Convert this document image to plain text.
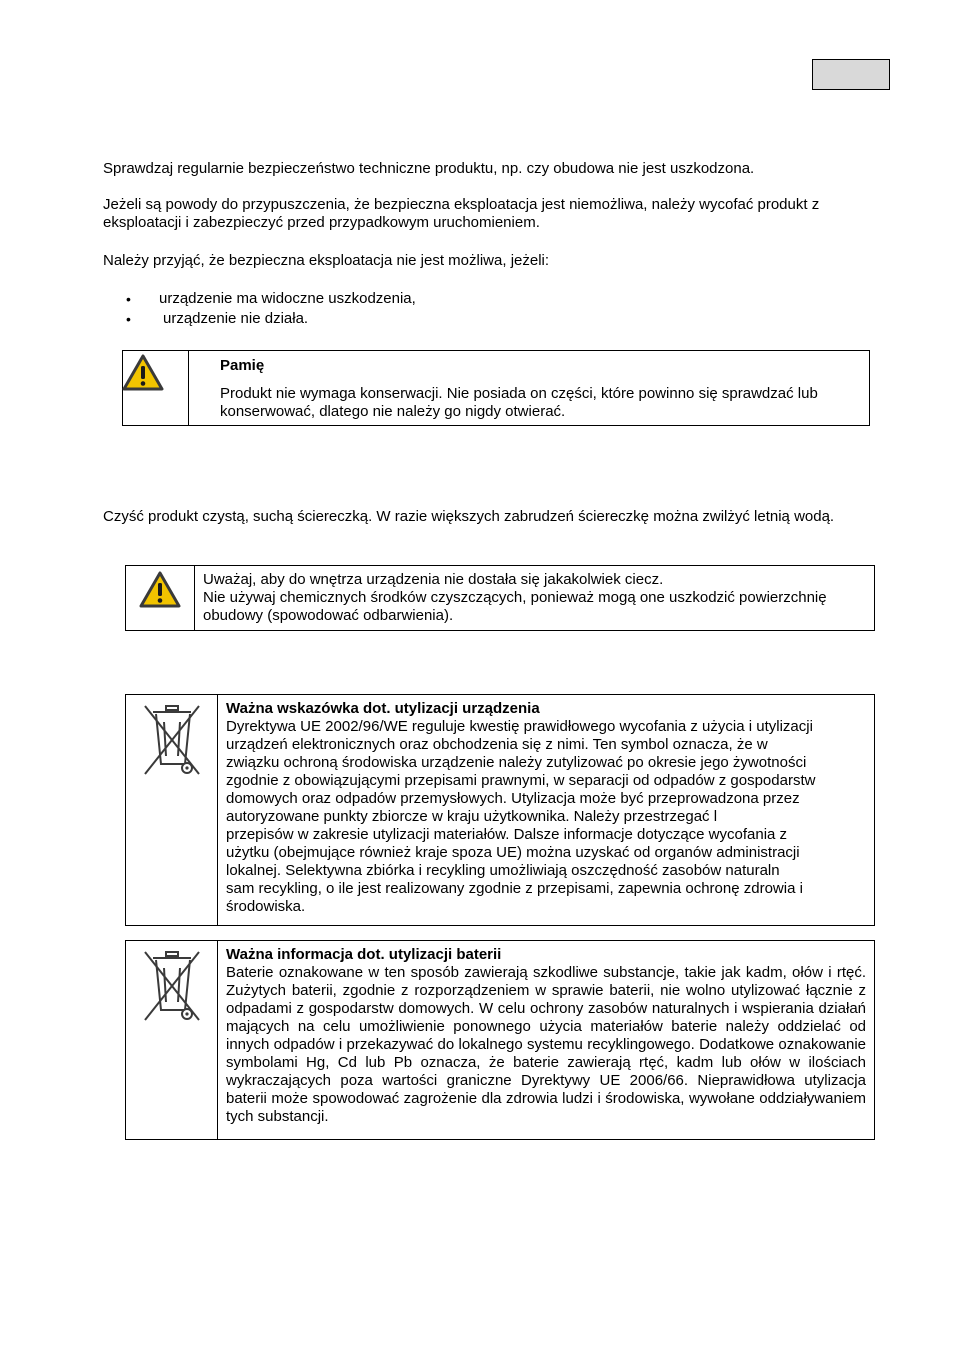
Sprawdzaj regularnie bezpieczeństwo techniczne produktu, np. czy obudowa nie jest uszkodzona.

Jeżeli są powody do przypuszczenia, że bezpieczna eksploatacja jest niemożliwa, należy wycofać produkt z eksploatacji i zabezpieczyć przed przypadkowym uruchomieniem.

Należy przyjąć, że bezpieczna eksploatacja nie jest możliwa, jeżeli:

• urządzenie ma widoczne uszkodzenia,
• urządzenie nie działa.
Pamię
Produkt nie wymaga konserwacji. Nie posiada on części, które powinno się sprawdzać lub konserwować, dlatego nie należy go nigdy otwierać.

Czyść produkt czystą, suchą ściereczką. W razie większych zabrudzeń ściereczkę można zwilżyć letnią wodą.

Uważaj, aby do wnętrza urządzenia nie dostała się jakakolwiek ciecz.
Nie używaj chemicznych środków czyszczących, ponieważ mogą one uszkodzić powierzchnię obudowy (spowodować odbarwienia).
Ważna wskazówka dot. utylizacji urządzenia
Dyrektywa UE 2002/96/WE reguluje kwestię prawidłowego wycofania z użycia i utylizacji
urządzeń elektronicznych oraz obchodzenia się z nimi. Ten symbol oznacza, że w
związku ochroną środowiska urządzenie należy zutylizować po okresie jego żywotności
zgodnie z obowiązującymi przepisami prawnymi, w separacji od odpadów z gospodarstw
domowych oraz odpadów przemysłowych. Utylizacja może być przeprowadzona przez
autoryzowane punkty zbiorcze w kraju użytkownika. Należy przestrzegać l
przepisów w zakresie utylizacji materiałów. Dalsze informacje dotyczące wycofania z
użytku (obejmujące również kraje spoza UE) można uzyskać od organów administracji
lokalnej. Selektywna zbiórka i recykling umożliwiają oszczędność zasobów naturaln
sam recykling, o ile jest realizowany zgodnie z przepisami, zapewnia ochronę zdrowia i
środowiska.
Ważna informacja dot. utylizacji baterii
Baterie oznakowane w ten sposób zawierają szkodliwe substancje, takie jak kadm, ołów i rtęć. Zużytych baterii, zgodnie z rozporządzeniem w sprawie baterii, nie wolno utylizować łącznie z odpadami z gospodarstw domowych. W celu ochrony zasobów naturalnych i wspierania działań mających na celu umożliwienie ponownego użycia materiałów baterie należy oddzielać od innych odpadów i przekazywać do lokalnego systemu recyklingowego. Dodatkowe oznakowanie symbolami Hg, Cd lub Pb oznacza, że baterie zawierają rtęć, kadm lub ołów w ilościach wykraczających poza wartości graniczne Dyrektywy UE 2006/66. Nieprawidłowa utylizacja baterii może spowodować zagrożenie dla zdrowia ludzi i środowiska, wywołane oddziaływaniem tych substancji.
